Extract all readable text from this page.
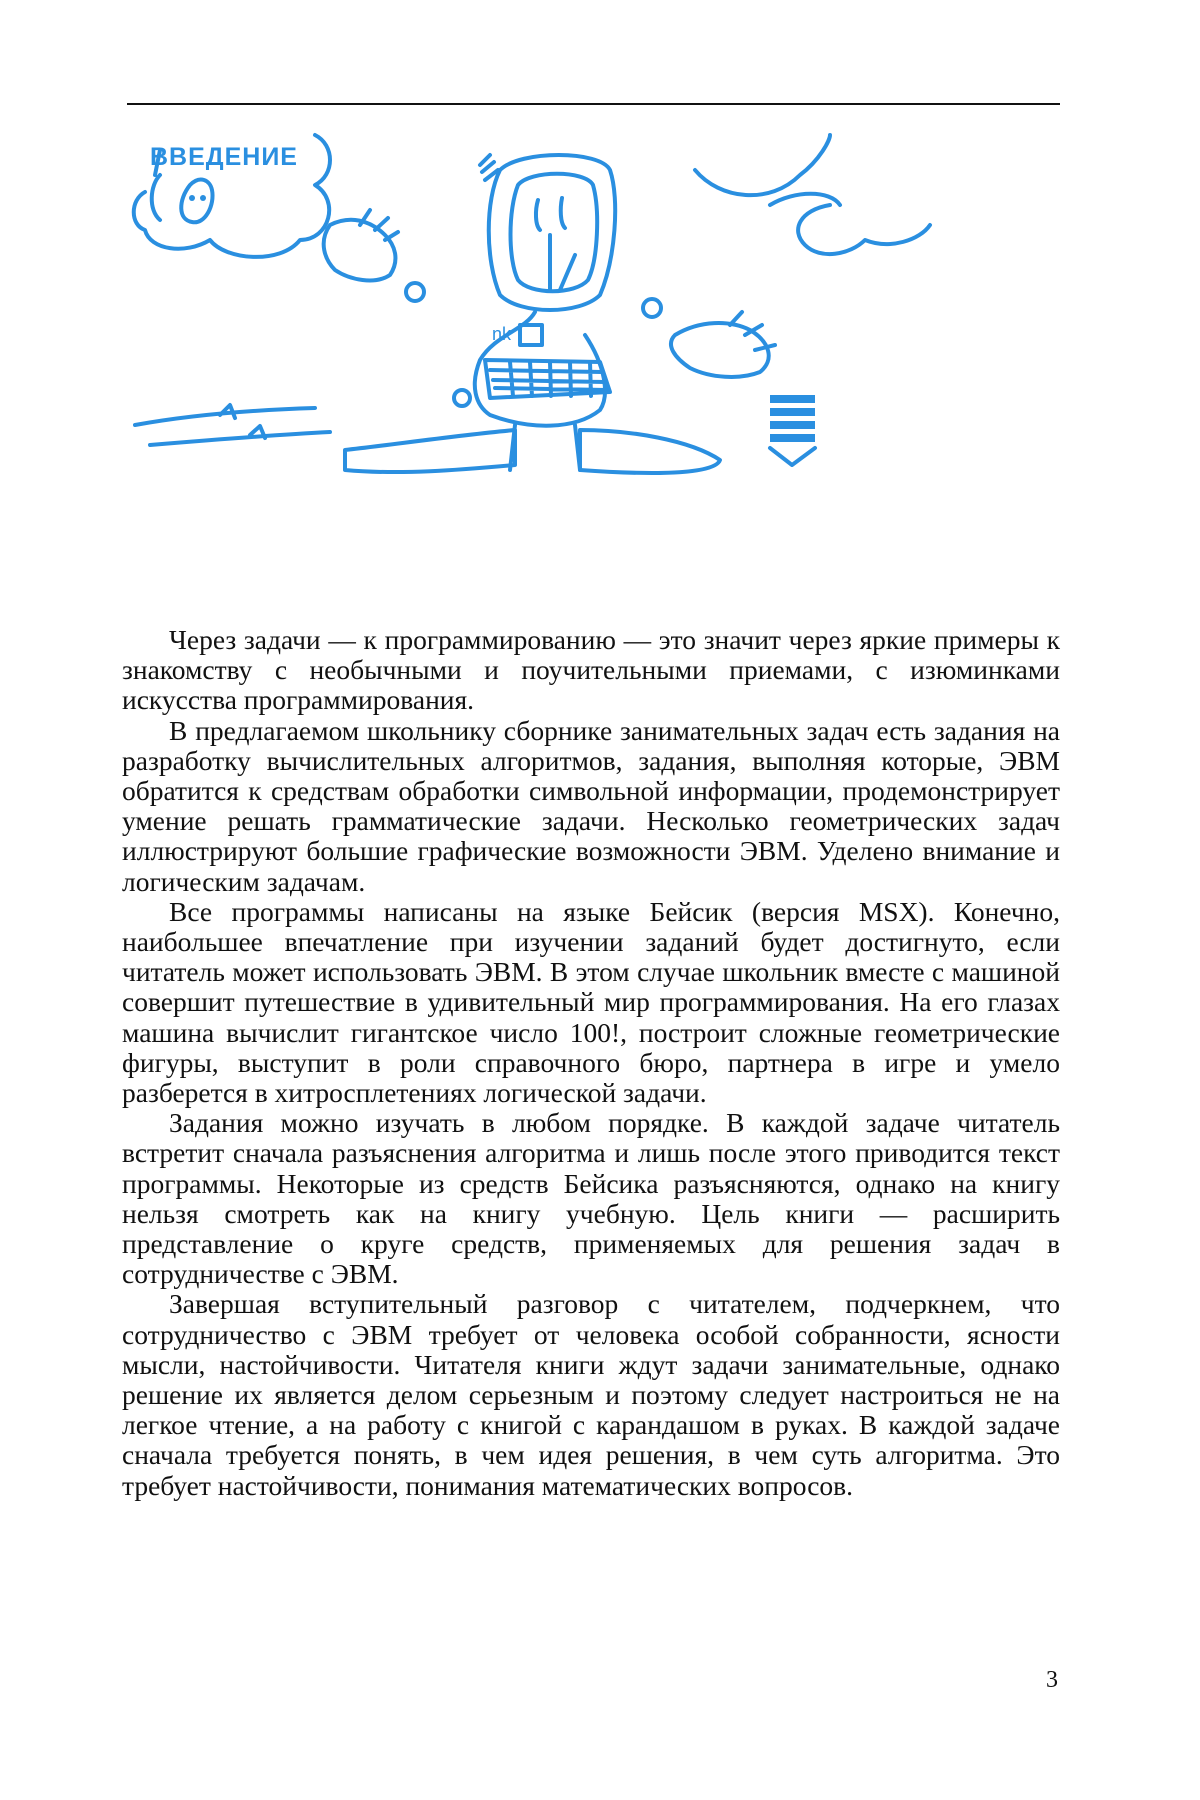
nk
ВВЕДЕНИЕ

Через задачи — к программированию — это значит через яркие примеры к знакомству с необычными и поучительными приемами, с изюминками искусства программирования.

В предлагаемом школьнику сборнике занимательных задач есть задания на разработку вычислительных алгоритмов, задания, выполняя которые, ЭВМ обратится к средствам обработки символьной информации, продемонстрирует умение решать грамматические задачи. Несколько геометрических задач иллюстрируют большие графические возможности ЭВМ. Уделено внимание и логическим задачам.

Все программы написаны на языке Бейсик (версия MSX). Конечно, наибольшее впечатление при изучении заданий будет достигнуто, если читатель может использовать ЭВМ. В этом случае школьник вместе с машиной совершит путешествие в удивительный мир программирования. На его глазах машина вычислит гигантское число 100!, построит сложные геометрические фигуры, выступит в роли справочного бюро, партнера в игре и умело разберется в хитросплетениях логической задачи.

Задания можно изучать в любом порядке. В каждой задаче читатель встретит сначала разъяснения алгоритма и лишь после этого приводится текст программы. Некоторые из средств Бейсика разъясняются, однако на книгу нельзя смотреть как на книгу учебную. Цель книги — расширить представление о круге средств, применяемых для решения задач в сотрудничестве с ЭВМ.

Завершая вступительный разговор с читателем, подчеркнем, что сотрудничество с ЭВМ требует от человека особой собранности, ясности мысли, настойчивости. Читателя книги ждут задачи занимательные, однако решение их является делом серьезным и поэтому следует настроиться не на легкое чтение, а на работу с книгой с карандашом в руках. В каждой задаче сначала требуется понять, в чем идея решения, в чем суть алгоритма. Это требует настойчивости, понимания математических вопросов.

3
